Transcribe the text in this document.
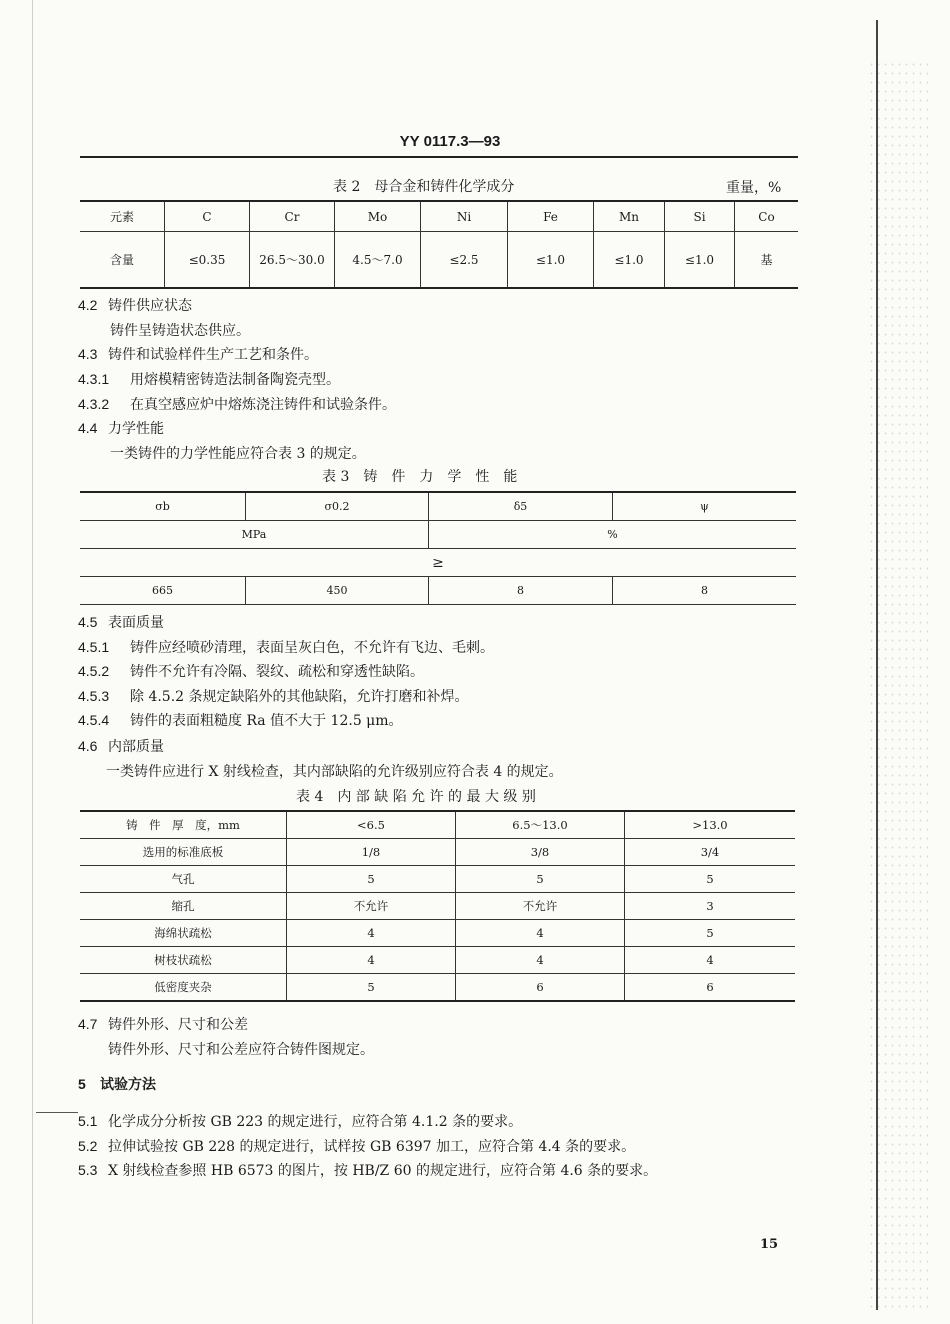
YY 0117.3—93
表 2　母合金和铸件化学成分	重量，%
元素	C	Cr	Mo	Ni	Fe	Mn	Si	Co
含量	≤0.35	26.5～30.0	4.5～7.0	≤2.5	≤1.0	≤1.0	≤1.0	基
4.2 铸件供应状态
铸件呈铸造状态供应。
4.3 铸件和试验样件生产工艺和条件。
4.3.1 用熔模精密铸造法制备陶瓷壳型。
4.3.2 在真空感应炉中熔炼浇注铸件和试验条件。
4.4 力学性能
一类铸件的力学性能应符合表 3 的规定。
表 3　铸　件　力　学　性　能
σb	σ0.2	δ5	ψ
MPa		%	
≥			
665	450	8	8
4.5 表面质量
4.5.1 铸件应经喷砂清理，表面呈灰白色，不允许有飞边、毛刺。
4.5.2 铸件不允许有冷隔、裂纹、疏松和穿透性缺陷。
4.5.3 除 4.5.2 条规定缺陷外的其他缺陷，允许打磨和补焊。
4.5.4 铸件的表面粗糙度 Ra 值不大于 12.5 μm。
4.6 内部质量
一类铸件应进行 X 射线检查，其内部缺陷的允许级别应符合表 4 的规定。
表 4　内 部 缺 陷 允 许 的 最 大 级 别
铸　件　厚　度，mm	<6.5	6.5～13.0	>13.0
选用的标准底板	1/8	3/8	3/4
气孔	5	5	5
缩孔	不允许	不允许	3
海绵状疏松	4	4	5
树枝状疏松	4	4	4
低密度夹杂	5	6	6
4.7 铸件外形、尺寸和公差
铸件外形、尺寸和公差应符合铸件图规定。
5 试验方法
5.1 化学成分分析按 GB 223 的规定进行，应符合第 4.1.2 条的要求。
5.2 拉伸试验按 GB 228 的规定进行，试样按 GB 6397 加工，应符合第 4.4 条的要求。
5.3 X 射线检查参照 HB 6573 的图片，按 HB/Z 60 的规定进行，应符合第 4.6 条的要求。
15
